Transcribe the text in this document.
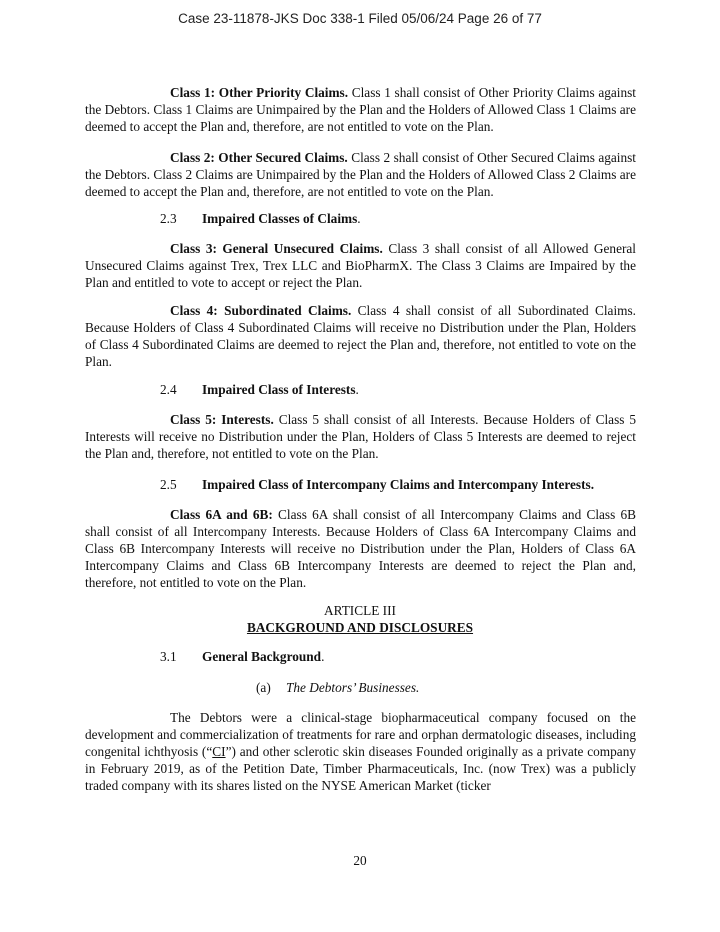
Case 23-11878-JKS Doc 338-1 Filed 05/06/24 Page 26 of 77

Class 1: Other Priority Claims. Class 1 shall consist of Other Priority Claims against the Debtors. Class 1 Claims are Unimpaired by the Plan and the Holders of Allowed Class 1 Claims are deemed to accept the Plan and, therefore, are not entitled to vote on the Plan.

Class 2: Other Secured Claims. Class 2 shall consist of Other Secured Claims against the Debtors. Class 2 Claims are Unimpaired by the Plan and the Holders of Allowed Class 2 Claims are deemed to accept the Plan and, therefore, are not entitled to vote on the Plan.

2.3 Impaired Classes of Claims.

Class 3: General Unsecured Claims. Class 3 shall consist of all Allowed General Unsecured Claims against Trex, Trex LLC and BioPharmX. The Class 3 Claims are Impaired by the Plan and entitled to vote to accept or reject the Plan.

Class 4: Subordinated Claims. Class 4 shall consist of all Subordinated Claims. Because Holders of Class 4 Subordinated Claims will receive no Distribution under the Plan, Holders of Class 4 Subordinated Claims are deemed to reject the Plan and, therefore, not entitled to vote on the Plan.

2.4 Impaired Class of Interests.

Class 5: Interests. Class 5 shall consist of all Interests. Because Holders of Class 5 Interests will receive no Distribution under the Plan, Holders of Class 5 Interests are deemed to reject the Plan and, therefore, not entitled to vote on the Plan.

2.5 Impaired Class of Intercompany Claims and Intercompany Interests.

Class 6A and 6B: Class 6A shall consist of all Intercompany Claims and Class 6B shall consist of all Intercompany Interests. Because Holders of Class 6A Intercompany Claims and Class 6B Intercompany Interests will receive no Distribution under the Plan, Holders of Class 6A Intercompany Claims and Class 6B Intercompany Interests are deemed to reject the Plan and, therefore, not entitled to vote on the Plan.

ARTICLE III
BACKGROUND AND DISCLOSURES
3.1 General Background.
(a) The Debtors’ Businesses.

The Debtors were a clinical-stage biopharmaceutical company focused on the development and commercialization of treatments for rare and orphan dermatologic diseases, including congenital ichthyosis (“CI”) and other sclerotic skin diseases Founded originally as a private company in February 2019, as of the Petition Date, Timber Pharmaceuticals, Inc. (now Trex) was a publicly traded company with its shares listed on the NYSE American Market (ticker

20
